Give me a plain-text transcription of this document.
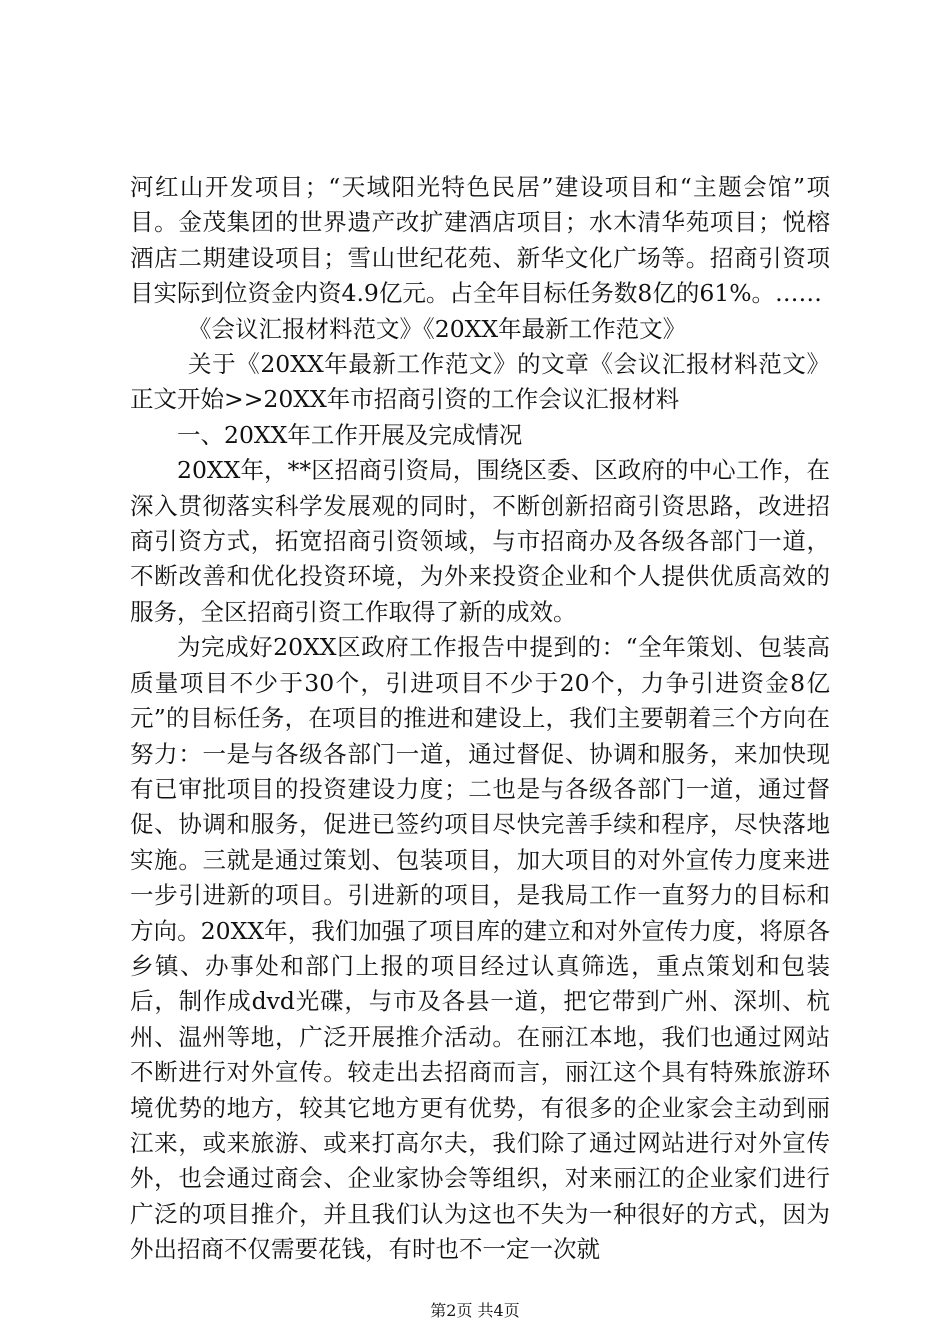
河红山开发项目；“天域阳光特色民居”建设项目和“主题会馆”项目。金茂集团的世界遗产改扩建酒店项目；水木清华苑项目；悦榕酒店二期建设项目；雪山世纪花苑、新华文化广场等。招商引资项目实际到位资金内资4.9亿元。占全年目标任务数8亿的61%。……

《会议汇报材料范文》《20XX年最新工作范文》

关于《20XX年最新工作范文》的文章《会议汇报材料范文》正文开始>>20XX年市招商引资的工作会议汇报材料

一、20XX年工作开展及完成情况

20XX年，**区招商引资局，围绕区委、区政府的中心工作，在深入贯彻落实科学发展观的同时，不断创新招商引资思路，改进招商引资方式，拓宽招商引资领域，与市招商办及各级各部门一道，不断改善和优化投资环境，为外来投资企业和个人提供优质高效的服务，全区招商引资工作取得了新的成效。

为完成好20XX区政府工作报告中提到的：“全年策划、包装高质量项目不少于30个，引进项目不少于20个，力争引进资金8亿元”的目标任务，在项目的推进和建设上，我们主要朝着三个方向在努力：一是与各级各部门一道，通过督促、协调和服务，来加快现有已审批项目的投资建设力度；二也是与各级各部门一道，通过督促、协调和服务，促进已签约项目尽快完善手续和程序，尽快落地实施。三就是通过策划、包装项目，加大项目的对外宣传力度来进一步引进新的项目。引进新的项目，是我局工作一直努力的目标和方向。20XX年，我们加强了项目库的建立和对外宣传力度，将原各乡镇、办事处和部门上报的项目经过认真筛选，重点策划和包装后，制作成dvd光碟，与市及各县一道，把它带到广州、深圳、杭州、温州等地，广泛开展推介活动。在丽江本地，我们也通过网站不断进行对外宣传。较走出去招商而言，丽江这个具有特殊旅游环境优势的地方，较其它地方更有优势，有很多的企业家会主动到丽江来，或来旅游、或来打高尔夫，我们除了通过网站进行对外宣传外，也会通过商会、企业家协会等组织，对来丽江的企业家们进行广泛的项目推介，并且我们认为这也不失为一种很好的方式，因为外出招商不仅需要花钱，有时也不一定一次就

第2页 共4页
